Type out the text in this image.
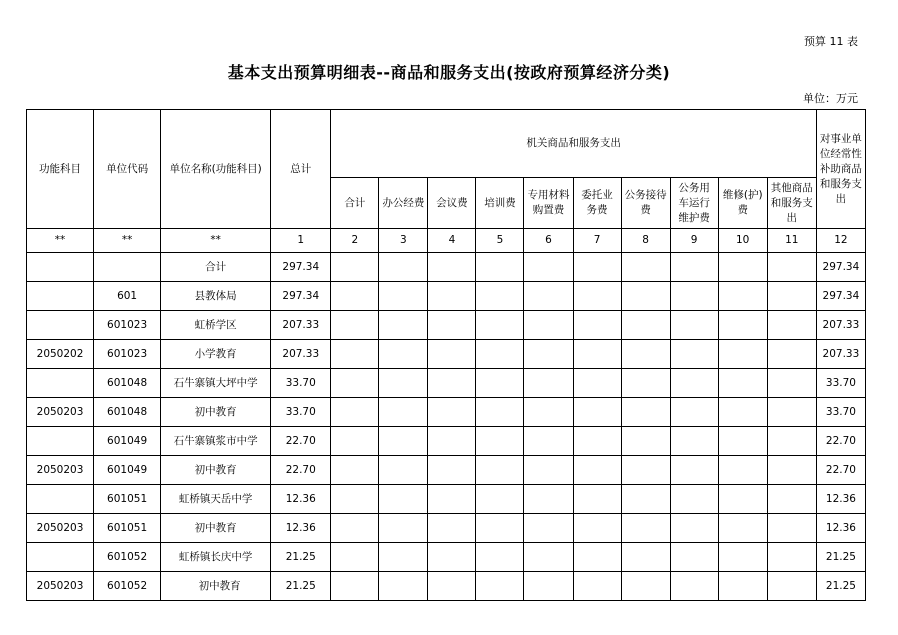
预算 11 表
基本支出预算明细表--商品和服务支出(按政府预算经济分类)
单位：万元
功能科目	单位代码	单位名称(功能科目)	总计	机关商品和服务支出										对事业单位经常性补助商品和服务支出
				合计	办公经费	会议费	培训费	专用材料购置费	委托业务费	公务接待费	公务用车运行维护费	维修(护)费	其他商品和服务支出	
**	**	**	1	2	3	4	5	6	7	8	9	10	11	12
		合计	297.34											297.34
	601	县教体局	297.34											297.34
	601023	虹桥学区	207.33											207.33
2050202	601023	小学教育	207.33											207.33
	601048	石牛寨镇大坪中学	33.70											33.70
2050203	601048	初中教育	33.70											33.70
	601049	石牛寨镇浆市中学	22.70											22.70
2050203	601049	初中教育	22.70											22.70
	601051	虹桥镇天岳中学	12.36											12.36
2050203	601051	初中教育	12.36											12.36
	601052	虹桥镇长庆中学	21.25											21.25
2050203	601052	初中教育	21.25											21.25
